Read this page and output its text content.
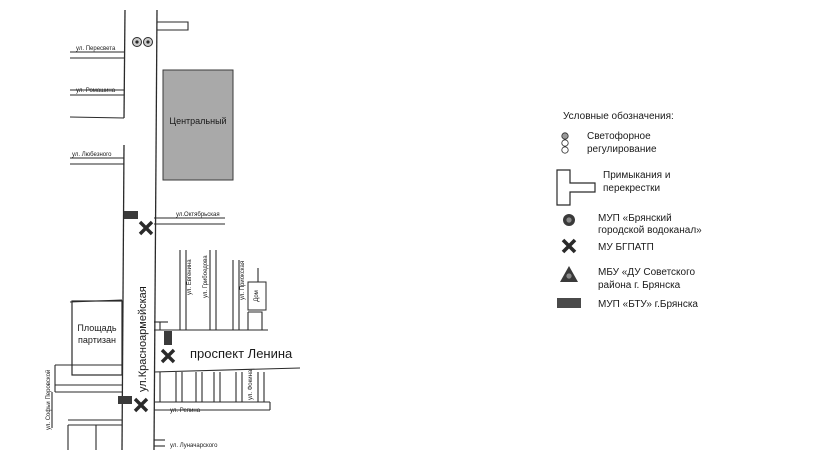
Центральный
Площадь
партизан
Дом
ул. Пересвета
ул. Ромашина
ул. Любезного
ул.Октябрьская
ул.Красноармейская
ул. Евгенина ул. Грибоедова	ул. Приокская
проспект Ленина
ул. Репина
ул. Луначарского
ул. Софьи Перовской	ул. Фокина
Условные обозначения:
Светофорное
регулирование
Примыкания и
перекрестки
МУП «Брянский
городской водоканал»
МУ БГПАТП
МБУ «ДУ Советского
района г. Брянска
МУП «БТУ» г.Брянска
